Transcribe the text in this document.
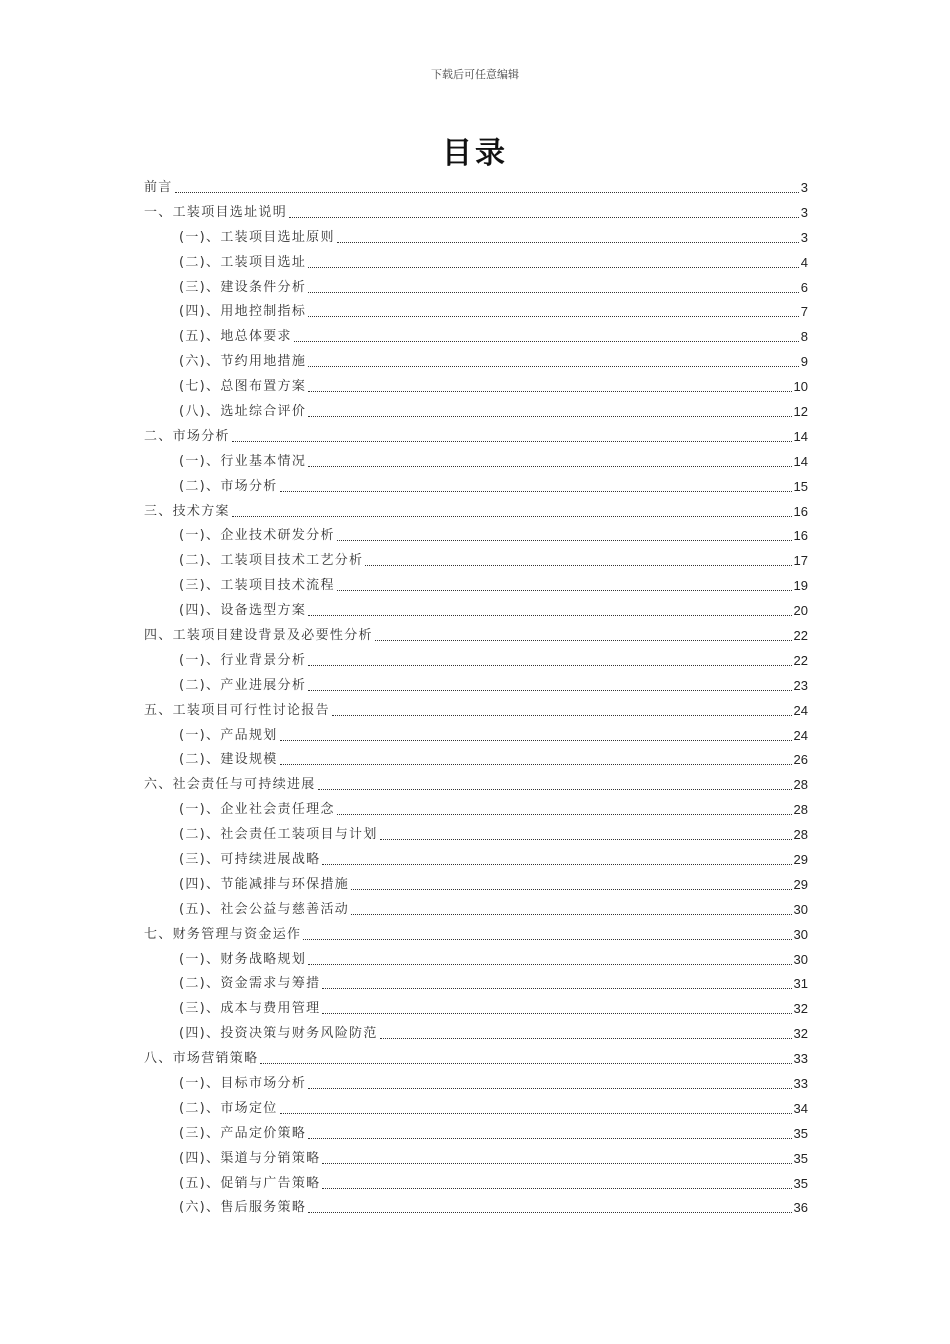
下载后可任意编辑
目录
前言	3
一、工装项目选址说明	3
(一)、工装项目选址原则	3
(二)、工装项目选址	4
(三)、建设条件分析	6
(四)、用地控制指标	7
(五)、地总体要求	8
(六)、节约用地措施	9
(七)、总图布置方案	10
(八)、选址综合评价	12
二、市场分析	14
(一)、行业基本情况	14
(二)、市场分析	15
三、技术方案	16
(一)、企业技术研发分析	16
(二)、工装项目技术工艺分析	17
(三)、工装项目技术流程	19
(四)、设备选型方案	20
四、工装项目建设背景及必要性分析	22
(一)、行业背景分析	22
(二)、产业进展分析	23
五、工装项目可行性讨论报告	24
(一)、产品规划	24
(二)、建设规模	26
六、社会责任与可持续进展	28
(一)、企业社会责任理念	28
(二)、社会责任工装项目与计划	28
(三)、可持续进展战略	29
(四)、节能减排与环保措施	29
(五)、社会公益与慈善活动	30
七、财务管理与资金运作	30
(一)、财务战略规划	30
(二)、资金需求与筹措	31
(三)、成本与费用管理	32
(四)、投资决策与财务风险防范	32
八、市场营销策略	33
(一)、目标市场分析	33
(二)、市场定位	34
(三)、产品定价策略	35
(四)、渠道与分销策略	35
(五)、促销与广告策略	35
(六)、售后服务策略	36
